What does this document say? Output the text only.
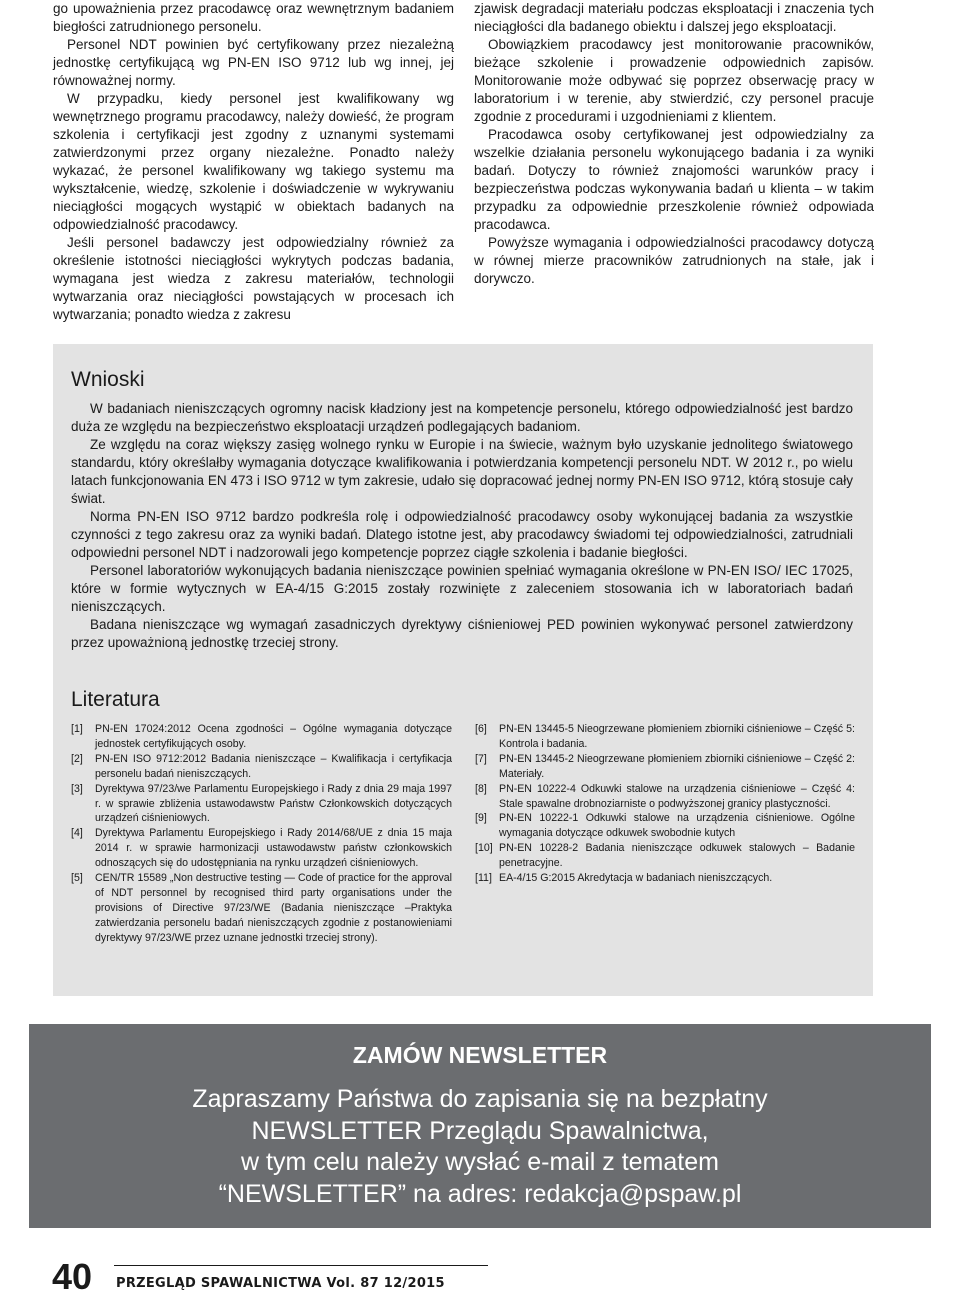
go upoważnienia przez pracodawcę oraz wewnętrznym badaniem biegłości zatrudnionego personelu.

Personel NDT powinien być certyfikowany przez niezależną jednostkę certyfikującą wg PN-EN ISO 9712 lub wg innej, jej równoważnej normy.

W przypadku, kiedy personel jest kwalifikowany wg wewnętrznego programu pracodawcy, należy dowieść, że program szkolenia i certyfikacji jest zgodny z uznanymi systemami zatwierdzonymi przez organy niezależne. Ponadto należy wykazać, że personel kwalifikowany wg takiego systemu ma wykształcenie, wiedzę, szkolenie i doświadczenie w wykrywaniu nieciągłości mogących wystąpić w obiektach badanych na odpowiedzialność pracodawcy.

Jeśli personel badawczy jest odpowiedzialny również za określenie istotności nieciągłości wykrytych podczas badania, wymagana jest wiedza z zakresu materiałów, technologii wytwarzania oraz nieciągłości powstających w procesach ich wytwarzania; ponadto wiedza z zakresu

zjawisk degradacji materiału podczas eksploatacji i znaczenia tych nieciągłości dla badanego obiektu i dalszej jego eksploatacji.

Obowiązkiem pracodawcy jest monitorowanie pracowników, bieżące szkolenie i prowadzenie odpowiednich zapisów. Monitorowanie może odbywać się poprzez obserwację pracy w laboratorium i w terenie, aby stwierdzić, czy personel pracuje zgodnie z procedurami i uzgodnieniami z klientem.

Pracodawca osoby certyfikowanej jest odpowiedzialny za wszelkie działania personelu wykonującego badania i za wyniki badań. Dotyczy to również znajomości warunków pracy i bezpieczeństwa podczas wykonywania badań u klienta – w takim przypadku za odpowiednie przeszkolenie również odpowiada pracodawca.

Powyższe wymagania i odpowiedzialności pracodawcy dotyczą w równej mierze pracowników zatrudnionych na stałe, jak i dorywczo.

Wnioski

W badaniach nieniszczących ogromny nacisk kładziony jest na kompetencje personelu, którego odpowiedzialność jest bardzo duża ze względu na bezpieczeństwo eksploatacji urządzeń podlegających badaniom.

Ze względu na coraz większy zasięg wolnego rynku w Europie i na świecie, ważnym było uzyskanie jednolitego światowego standardu, który określałby wymagania dotyczące kwalifikowania i potwierdzania kompetencji personelu NDT. W 2012 r., po wielu latach funkcjonowania EN 473 i ISO 9712 w tym zakresie, udało się dopracować jednej normy PN-EN ISO 9712, którą stosuje cały świat.

Norma PN-EN ISO 9712 bardzo podkreśla rolę i odpowiedzialność pracodawcy osoby wykonującej badania za wszystkie czynności z tego zakresu oraz za wyniki badań. Dlatego istotne jest, aby pracodawcy świadomi tej odpowiedzialności, zatrudniali odpowiedni personel NDT i nadzorowali jego kompetencje poprzez ciągłe szkolenia i badanie biegłości.

Personel laboratoriów wykonujących badania nieniszczące powinien spełniać wymagania określone w PN-EN ISO/ IEC 17025, które w formie wytycznych w EA-4/15 G:2015 zostały rozwinięte z zaleceniem stosowania ich w laboratoriach badań nieniszczących.

Badana nieniszczące wg wymagań zasadniczych dyrektywy ciśnieniowej PED powinien wykonywać personel zatwierdzony przez upoważnioną jednostkę trzeciej strony.

Literatura
[1] PN-EN 17024:2012 Ocena zgodności – Ogólne wymagania dotyczące jednostek certyfikujących osoby.
[2] PN-EN ISO 9712:2012 Badania nieniszczące – Kwalifikacja i certyfikacja personelu badań nieniszczących.
[3] Dyrektywa 97/23/we Parlamentu Europejskiego i Rady z dnia 29 maja 1997 r. w sprawie zbliżenia ustawodawstw Państw Członkowskich dotyczących urządzeń ciśnieniowych.
[4] Dyrektywa Parlamentu Europejskiego i Rady 2014/68/UE z dnia 15 maja 2014 r. w sprawie harmonizacji ustawodawstw państw członkowskich odnoszących się do udostępniania na rynku urządzeń ciśnieniowych.
[5] CEN/TR 15589 „Non destructive testing — Code of practice for the approval of NDT personnel by recognised third party organisations under the provisions of Directive 97/23/WE (Badania nieniszczące –Praktyka zatwierdzania personelu badań nieniszczących zgodnie z postanowieniami dyrektywy 97/23/WE przez uznane jednostki trzeciej strony).
[6] PN-EN 13445-5 Nieogrzewane płomieniem zbiorniki ciśnieniowe – Część 5: Kontrola i badania.
[7] PN-EN 13445-2 Nieogrzewane płomieniem zbiorniki ciśnieniowe – Część 2: Materiały.
[8] PN-EN 10222-4 Odkuwki stalowe na urządzenia ciśnieniowe – Część 4: Stale spawalne drobnoziarniste o podwyższonej granicy plastyczności.
[9] PN-EN 10222-1 Odkuwki stalowe na urządzenia ciśnieniowe. Ogólne wymagania dotyczące odkuwek swobodnie kutych
[10] PN-EN 10228-2 Badania nieniszczące odkuwek stalowych – Badanie penetracyjne.
[11] EA-4/15 G:2015 Akredytacja w badaniach nieniszczących.
ZAMÓW NEWSLETTER
Zapraszamy Państwa do zapisania się na bezpłatny
NEWSLETTER Przeglądu Spawalnictwa,
w tym celu należy wysłać e-mail z tematem
“NEWSLETTER” na adres: redakcja@pspaw.pl
40 PRZEGLĄD SPAWALNICTWA Vol. 87 12/2015
